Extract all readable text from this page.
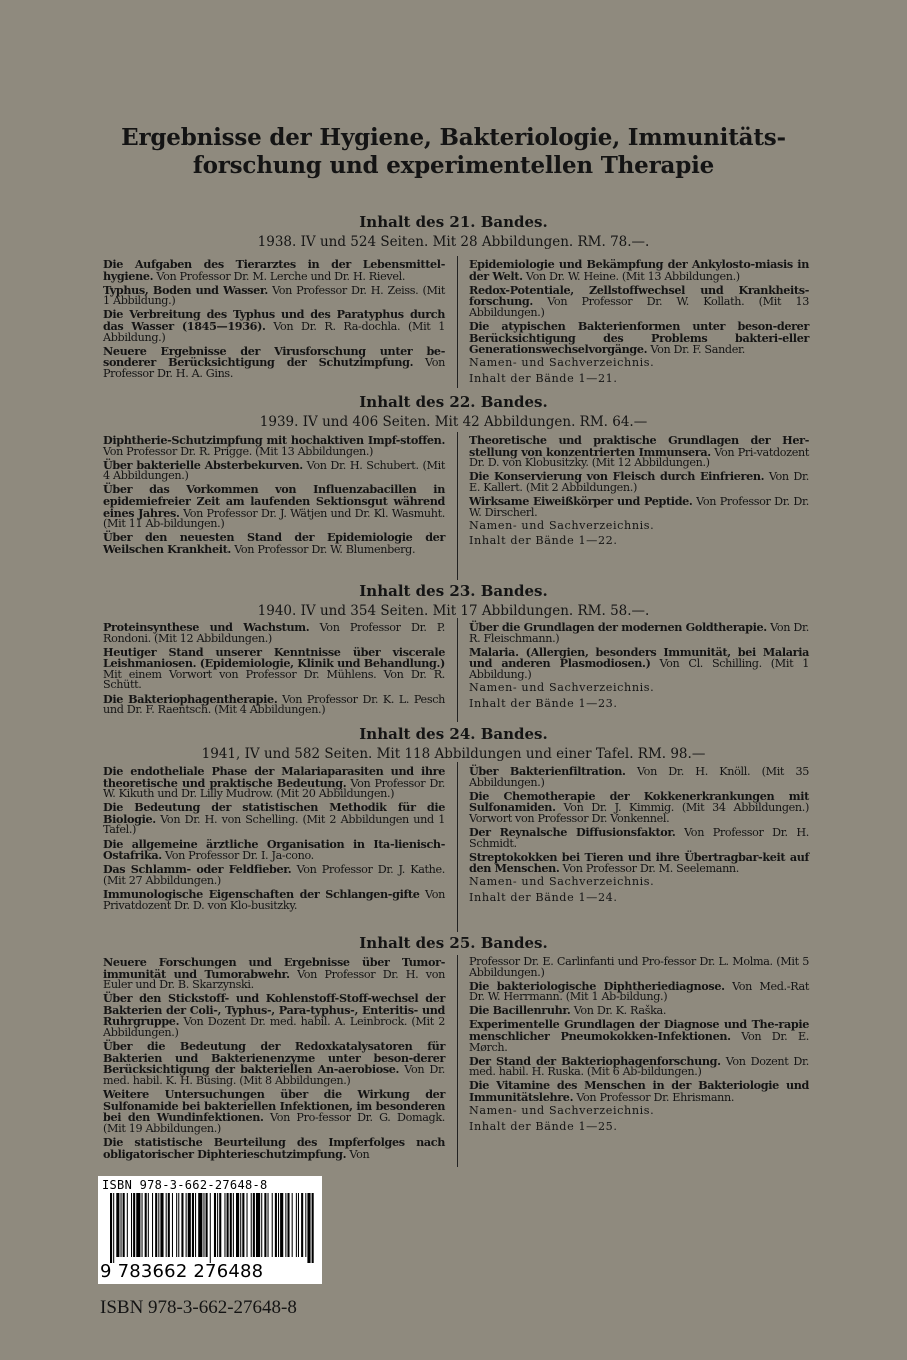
Ergebnisse der Hygiene, Bakteriologie, Immunitäts-
forschung und experimentellen Therapie
Inhalt des 21. Bandes.
1938. IV und 524 Seiten. Mit 28 Abbildungen. RM. 78.—.
Die Aufgaben des Tierarztes in der Lebensmittel-hygiene. Von Professor Dr. M. Lerche und Dr. H. Rievel.
Typhus, Boden und Wasser. Von Professor Dr. H. Zeiss. (Mit 1 Abbildung.)
Die Verbreitung des Typhus und des Paratyphus durch das Wasser (1845—1936). Von Dr. R. Ra-dochla. (Mit 1 Abbildung.)
Neuere Ergebnisse der Virusforschung unter be-sonderer Berücksichtigung der Schutzimpfung. Von Professor Dr. H. A. Gins.
Epidemiologie und Bekämpfung der Ankylosto-miasis in der Welt. Von Dr. W. Heine. (Mit 13 Abbildungen.)
Redox-Potentiale, Zellstoffwechsel und Krankheits-forschung. Von Professor Dr. W. Kollath. (Mit 13 Abbildungen.)
Die atypischen Bakterienformen unter beson-derer Berücksichtigung des Problems bakteri-eller Generationswechselvorgänge. Von Dr. F. Sander.
Namen- und Sachverzeichnis.
Inhalt der Bände 1—21.
Inhalt des 22. Bandes.
1939. IV und 406 Seiten. Mit 42 Abbildungen. RM. 64.—
Diphtherie-Schutzimpfung mit hochaktiven Impf-stoffen. Von Professor Dr. R. Prigge. (Mit 13 Abbildungen.)
Über bakterielle Absterbekurven. Von Dr. H. Schubert. (Mit 4 Abbildungen.)
Über das Vorkommen von Influenzabacillen in epidemiefreier Zeit am laufenden Sektionsgut während eines Jahres. Von Professor Dr. J. Wätjen und Dr. Kl. Wasmuht. (Mit 11 Ab-bildungen.)
Über den neuesten Stand der Epidemiologie der Weilschen Krankheit. Von Professor Dr. W. Blumenberg.
Theoretische und praktische Grundlagen der Her-stellung von konzentrierten Immunsera. Von Pri-vatdozent Dr. D. von Klobusitzky. (Mit 12 Abbildungen.)
Die Konservierung von Fleisch durch Einfrieren. Von Dr. E. Kallert. (Mit 2 Abbildungen.)
Wirksame Eiweißkörper und Peptide. Von Professor Dr. Dr. W. Dirscherl.
Namen- und Sachverzeichnis.
Inhalt der Bände 1—22.
Inhalt des 23. Bandes.
1940. IV und 354 Seiten. Mit 17 Abbildungen. RM. 58.—.
Proteinsynthese und Wachstum. Von Professor Dr. P. Rondoni. (Mit 12 Abbildungen.)
Heutiger Stand unserer Kenntnisse über viscerale Leishmaniosen. (Epidemiologie, Klinik und Behandlung.) Mit einem Vorwort von Professor Dr. Mühlens. Von Dr. R. Schütt.
Die Bakteriophagentherapie. Von Professor Dr. K. L. Pesch und Dr. F. Raentsch. (Mit 4 Abbildungen.)
Über die Grundlagen der modernen Goldtherapie. Von Dr. R. Fleischmann.)
Malaria. (Allergien, besonders Immunität, bei Malaria und anderen Plasmodiosen.) Von Cl. Schilling. (Mit 1 Abbildung.)
Namen- und Sachverzeichnis.
Inhalt der Bände 1—23.
Inhalt des 24. Bandes.
1941, IV und 582 Seiten. Mit 118 Abbildungen und einer Tafel. RM. 98.—
Die endotheliale Phase der Malariaparasiten und ihre theoretische und praktische Bedeutung. Von Professor Dr. W. Kikuth und Dr. Lilly Mudrow. (Mit 20 Abbildungen.)
Die Bedeutung der statistischen Methodik für die Biologie. Von Dr. H. von Schelling. (Mit 2 Abbildungen und 1 Tafel.)
Die allgemeine ärztliche Organisation in Ita-lienisch-Ostafrika. Von Professor Dr. I. Ja-cono.
Das Schlamm- oder Feldfieber. Von Professor Dr. J. Kathe. (Mit 27 Abbildungen.)
Immunologische Eigenschaften der Schlangen-gifte Von Privatdozent Dr. D. von Klo-busitzky.
Über Bakterienfiltration. Von Dr. H. Knöll. (Mit 35 Abbildungen.)
Die Chemotherapie der Kokkenerkrankungen mit Sulfonamiden. Von Dr. J. Kimmig. (Mit 34 Abbildungen.) Vorwort von Professor Dr. Vonkennel.
Der Reynalsche Diffusionsfaktor. Von Professor Dr. H. Schmidt.
Streptokokken bei Tieren und ihre Übertragbar-keit auf den Menschen. Von Professor Dr. M. Seelemann.
Namen- und Sachverzeichnis.
Inhalt der Bände 1—24.
Inhalt des 25. Bandes.
Neuere Forschungen und Ergebnisse über Tumor-immunität und Tumorabwehr. Von Professor Dr. H. von Euler und Dr. B. Skarzynski.
Über den Stickstoff- und Kohlenstoff-Stoff-wechsel der Bakterien der Coli-, Typhus-, Para-typhus-, Enteritis- und Ruhrgruppe. Von Dozent Dr. med. habil. A. Leinbrock. (Mit 2 Abbildungen.)
Über die Bedeutung der Redoxkatalysatoren für Bakterien und Bakterienenzyme unter beson-derer Berücksichtigung der bakteriellen An-aerobiose. Von Dr. med. habil. K. H. Büsing. (Mit 8 Abbildungen.)
Weitere Untersuchungen über die Wirkung der Sulfonamide bei bakteriellen Infektionen, im besonderen bei den Wundinfektionen. Von Pro-fessor Dr. G. Domagk. (Mit 19 Abbildungen.)
Die statistische Beurteilung des Impferfolges nach obligatorischer Diphterieschutzimpfung. Von
Professor Dr. E. Carlinfanti und Pro-fessor Dr. L. Molma. (Mit 5 Abbildungen.)
Die bakteriologische Diphtheriediagnose. Von Med.-Rat Dr. W. Herrmann. (Mit 1 Ab-bildung.)
Die Bacillenruhr. Von Dr. K. Raška.
Experimentelle Grundlagen der Diagnose und The-rapie menschlicher Pneumokokken-Infektionen. Von Dr. E. Mørch.
Der Stand der Bakteriophagenforschung. Von Dozent Dr. med. habil. H. Ruska. (Mit 6 Ab-bildungen.)
Die Vitamine des Menschen in der Bakteriologie und Immunitätslehre. Von Professor Dr. Ehrismann.
Namen- und Sachverzeichnis.
Inhalt der Bände 1—25.
ISBN 978-3-662-27648-8
9 783662 276488
ISBN 978-3-662-27648-8
